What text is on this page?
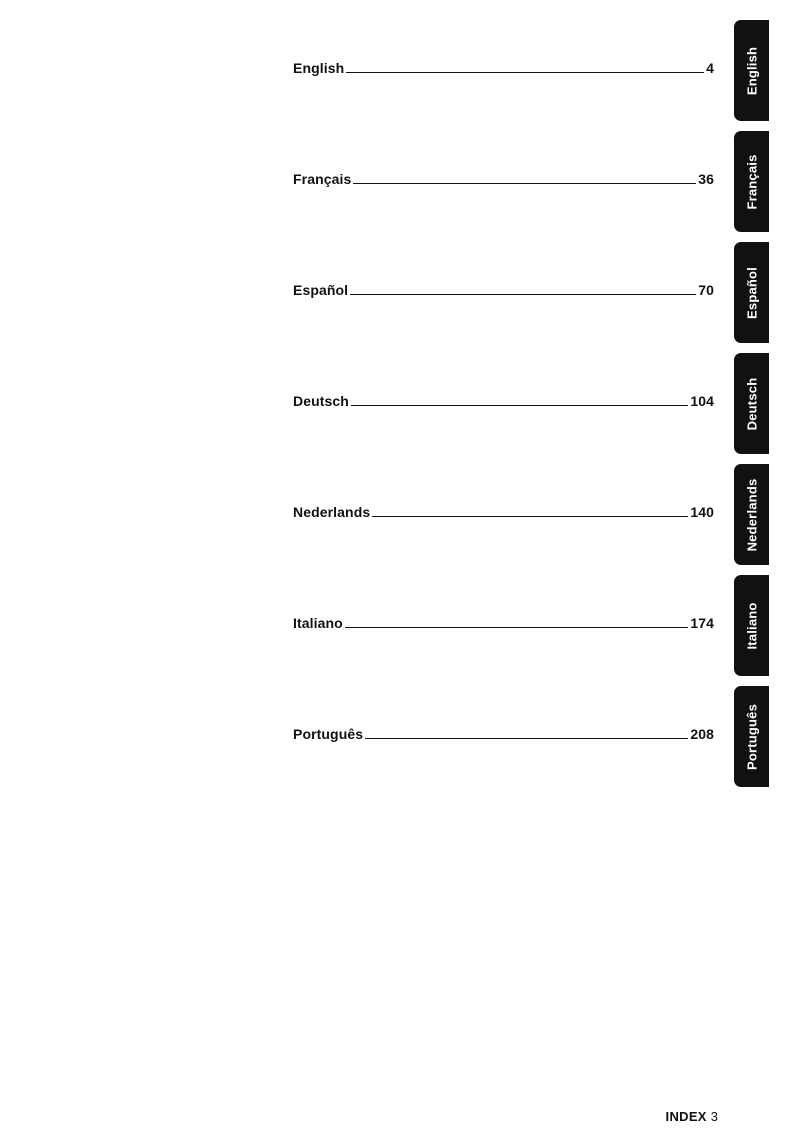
English	4
Français	36
Español	70
Deutsch	104
Nederlands	140
Italiano	174
Português	208
English
Français
Español
Deutsch
Nederlands
Italiano
Português
INDEX 3
